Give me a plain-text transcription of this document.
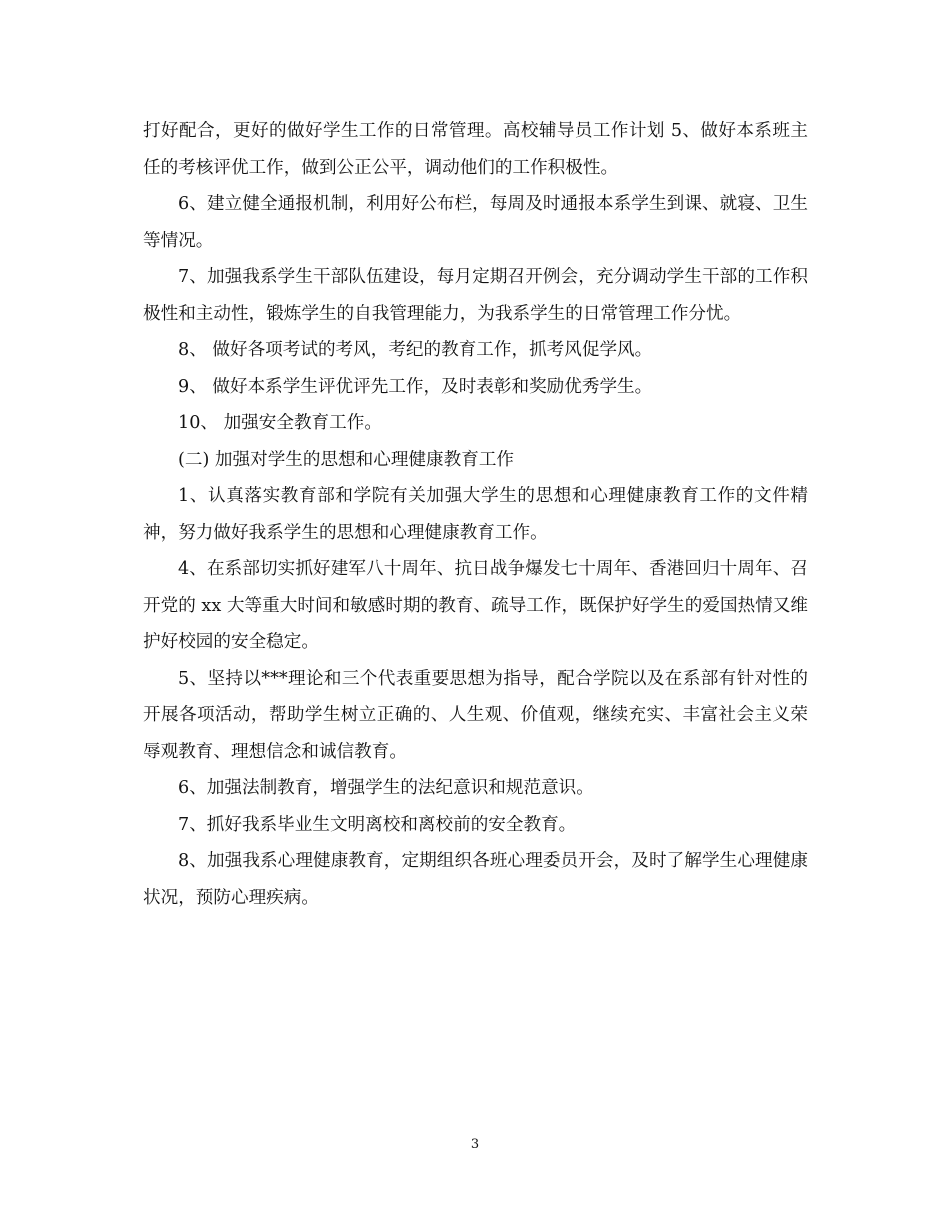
打好配合，更好的做好学生工作的日常管理。高校辅导员工作计划 5、做好本系班主任的考核评优工作，做到公正公平，调动他们的工作积极性。

6、建立健全通报机制，利用好公布栏，每周及时通报本系学生到课、就寝、卫生等情况。

7、加强我系学生干部队伍建设，每月定期召开例会，充分调动学生干部的工作积极性和主动性，锻炼学生的自我管理能力，为我系学生的日常管理工作分忧。

8、 做好各项考试的考风，考纪的教育工作，抓考风促学风。

9、 做好本系学生评优评先工作，及时表彰和奖励优秀学生。

10、 加强安全教育工作。

(二) 加强对学生的思想和心理健康教育工作

1、认真落实教育部和学院有关加强大学生的思想和心理健康教育工作的文件精神，努力做好我系学生的思想和心理健康教育工作。

4、在系部切实抓好建军八十周年、抗日战争爆发七十周年、香港回归十周年、召开党的 xx 大等重大时间和敏感时期的教育、疏导工作，既保护好学生的爱国热情又维护好校园的安全稳定。

5、坚持以***理论和三个代表重要思想为指导，配合学院以及在系部有针对性的开展各项活动，帮助学生树立正确的、人生观、价值观，继续充实、丰富社会主义荣辱观教育、理想信念和诚信教育。

6、加强法制教育，增强学生的法纪意识和规范意识。

7、抓好我系毕业生文明离校和离校前的安全教育。

8、加强我系心理健康教育，定期组织各班心理委员开会，及时了解学生心理健康状况，预防心理疾病。

3
